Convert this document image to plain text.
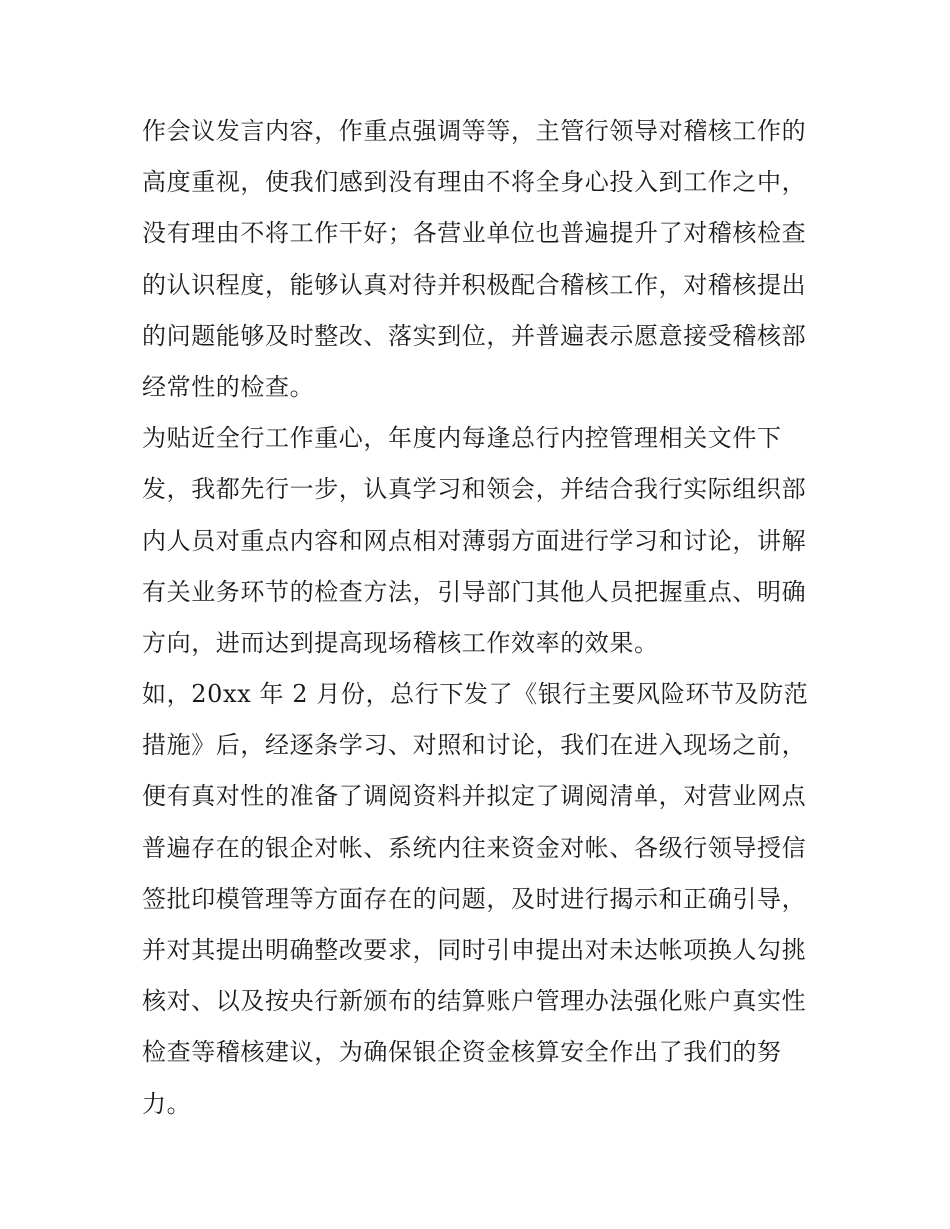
作会议发言内容，作重点强调等等，主管行领导对稽核工作的
高度重视，使我们感到没有理由不将全身心投入到工作之中，
没有理由不将工作干好；各营业单位也普遍提升了对稽核检查
的认识程度，能够认真对待并积极配合稽核工作，对稽核提出
的问题能够及时整改、落实到位，并普遍表示愿意接受稽核部
经常性的检查。
为贴近全行工作重心，年度内每逢总行内控管理相关文件下
发，我都先行一步，认真学习和领会，并结合我行实际组织部
内人员对重点内容和网点相对薄弱方面进行学习和讨论，讲解
有关业务环节的检查方法，引导部门其他人员把握重点、明确
方向，进而达到提高现场稽核工作效率的效果。
如，20xx 年 2 月份，总行下发了《银行主要风险环节及防范
措施》后，经逐条学习、对照和讨论，我们在进入现场之前，
便有真对性的准备了调阅资料并拟定了调阅清单，对营业网点
普遍存在的银企对帐、系统内往来资金对帐、各级行领导授信
签批印模管理等方面存在的问题，及时进行揭示和正确引导，
并对其提出明确整改要求，同时引申提出对未达帐项换人勾挑
核对、以及按央行新颁布的结算账户管理办法强化账户真实性
检查等稽核建议，为确保银企资金核算安全作出了我们的努
力。
